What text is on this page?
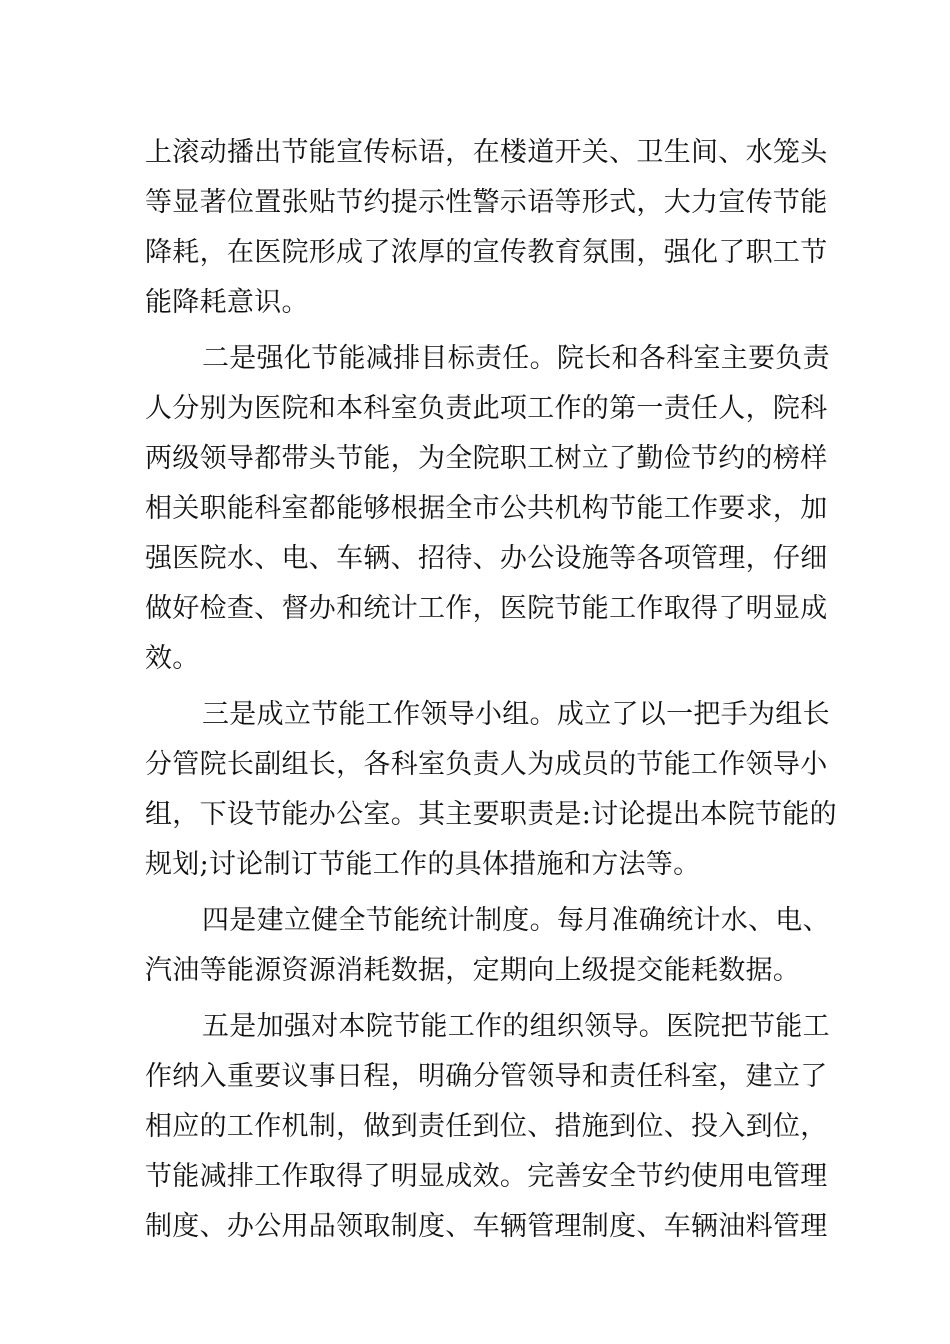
上滚动播出节能宣传标语，在楼道开关、卫生间、水笼头
等显著位置张贴节约提示性警示语等形式，大力宣传节能
降耗，在医院形成了浓厚的宣传教育氛围，强化了职工节
能降耗意识。
二是强化节能减排目标责任。院长和各科室主要负责
人分别为医院和本科室负责此项工作的第一责任人，院科
两级领导都带头节能，为全院职工树立了勤俭节约的榜样
相关职能科室都能够根据全市公共机构节能工作要求，加
强医院水、电、车辆、招待、办公设施等各项管理，仔细
做好检查、督办和统计工作，医院节能工作取得了明显成
效。
三是成立节能工作领导小组。成立了以一把手为组长
分管院长副组长，各科室负责人为成员的节能工作领导小
组，下设节能办公室。其主要职责是:讨论提出本院节能的
规划;讨论制订节能工作的具体措施和方法等。
四是建立健全节能统计制度。每月准确统计水、电、
汽油等能源资源消耗数据，定期向上级提交能耗数据。
五是加强对本院节能工作的组织领导。医院把节能工
作纳入重要议事日程，明确分管领导和责任科室，建立了
相应的工作机制，做到责任到位、措施到位、投入到位，
节能减排工作取得了明显成效。完善安全节约使用电管理
制度、办公用品领取制度、车辆管理制度、车辆油料管理
